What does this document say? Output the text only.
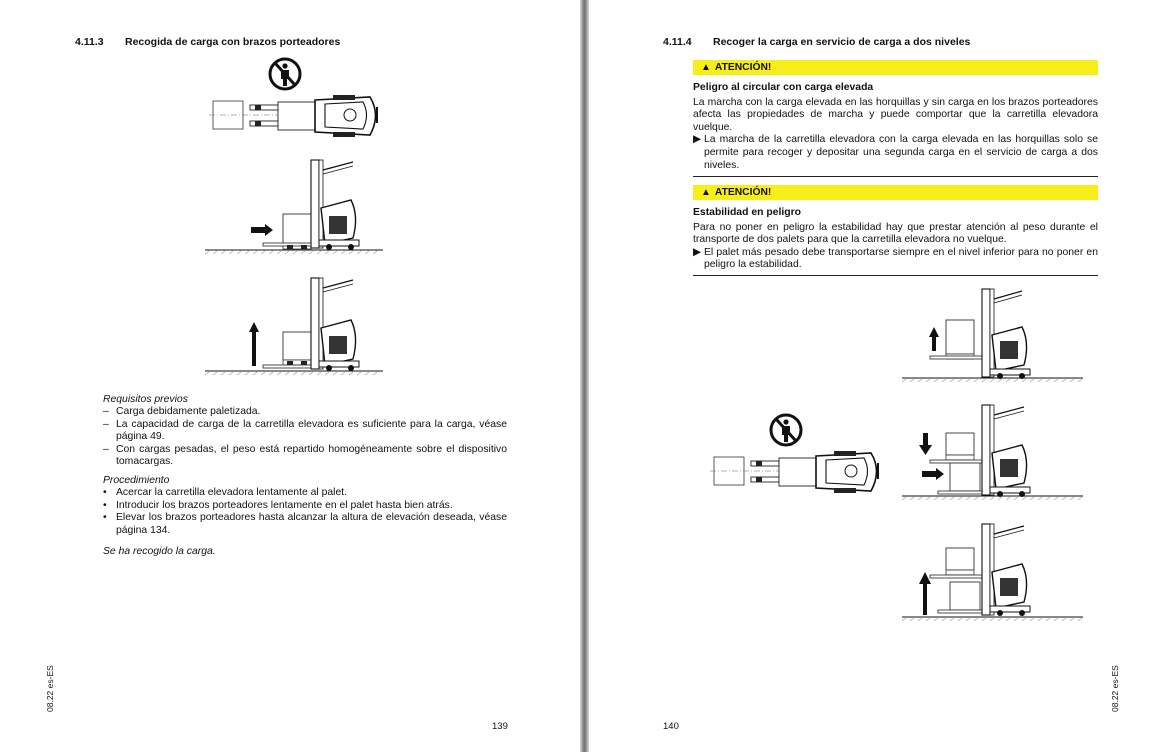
4.11.3 Recogida de carga con brazos porteadores
Requisitos previos
– Carga debidamente paletizada.
– La capacidad de carga de la carretilla elevadora es suficiente para la carga, véase página 49.
– Con cargas pesadas, el peso está repartido homogéneamente sobre el dispositivo tomacargas.
Procedimiento
• Acercar la carretilla elevadora lentamente al palet.
• Introducir los brazos porteadores lentamente en el palet hasta bien atrás.
• Elevar los brazos porteadores hasta alcanzar la altura de elevación deseada, véase página 134.
Se ha recogido la carga.
08.22 es-ES
139
4.11.4 Recoger la carga en servicio de carga a dos niveles
▲ ATENCIÓN!
Peligro al circular con carga elevada
La marcha con la carga elevada en las horquillas y sin carga en los brazos porteadores afecta las propiedades de marcha y puede comportar que la carretilla elevadora vuelque.
▶ La marcha de la carretilla elevadora con la carga elevada en las horquillas solo se permite para recoger y depositar una segunda carga en el servicio de carga a dos niveles.
▲ ATENCIÓN!
Estabilidad en peligro
Para no poner en peligro la estabilidad hay que prestar atención al peso durante el transporte de dos palets para que la carretilla elevadora no vuelque.
▶ El palet más pesado debe transportarse siempre en el nivel inferior para no poner en peligro la estabilidad.
140
08.22 es-ES
